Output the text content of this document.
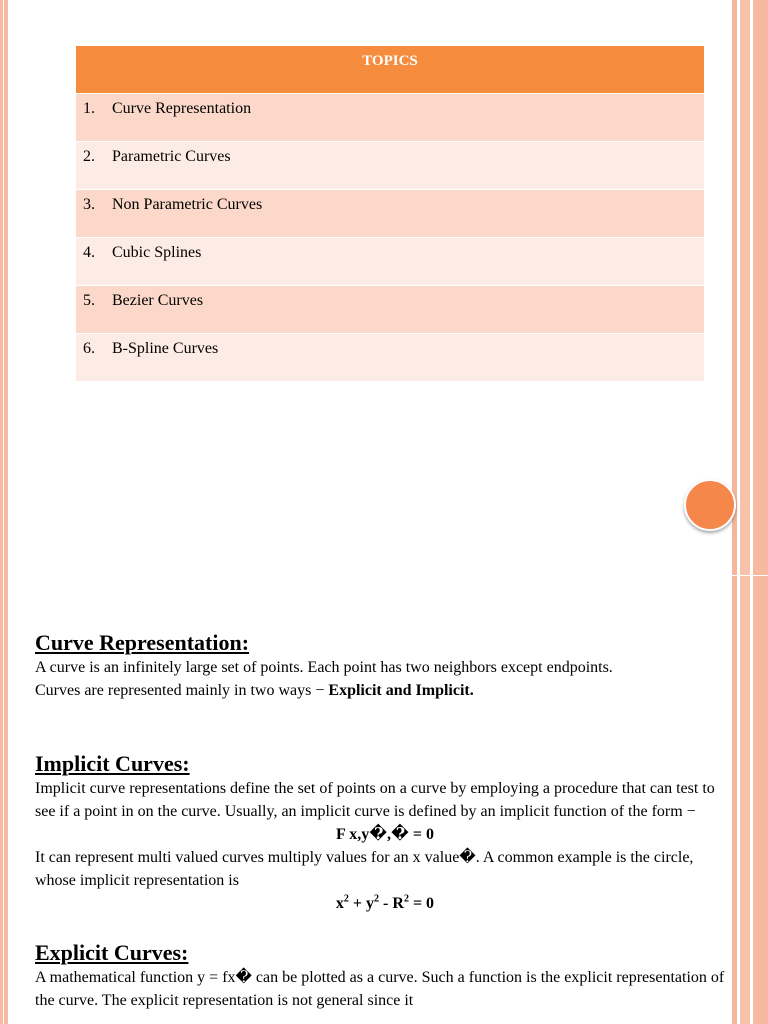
TOPICS
1. Curve Representation
2. Parametric Curves
3. Non Parametric Curves
4. Cubic Splines
5. Bezier Curves
6. B-Spline Curves
Curve Representation:

A curve is an infinitely large set of points. Each point has two neighbors except endpoints.

Curves are represented mainly in two ways − Explicit and Implicit.

Implicit Curves:

Implicit curve representations define the set of points on a curve by employing a procedure that can test to see if a point in on the curve. Usually, an implicit curve is defined by an implicit function of the form −

F x,y�,� = 0

It can represent multi valued curves multiply values for an x value�. A common example is the circle, whose implicit representation is

$x^2 + y^2 - R^2 = 0$

Explicit Curves:

A mathematical function y = fx� can be plotted as a curve. Such a function is the explicit representation of the curve. The explicit representation is not general since it
